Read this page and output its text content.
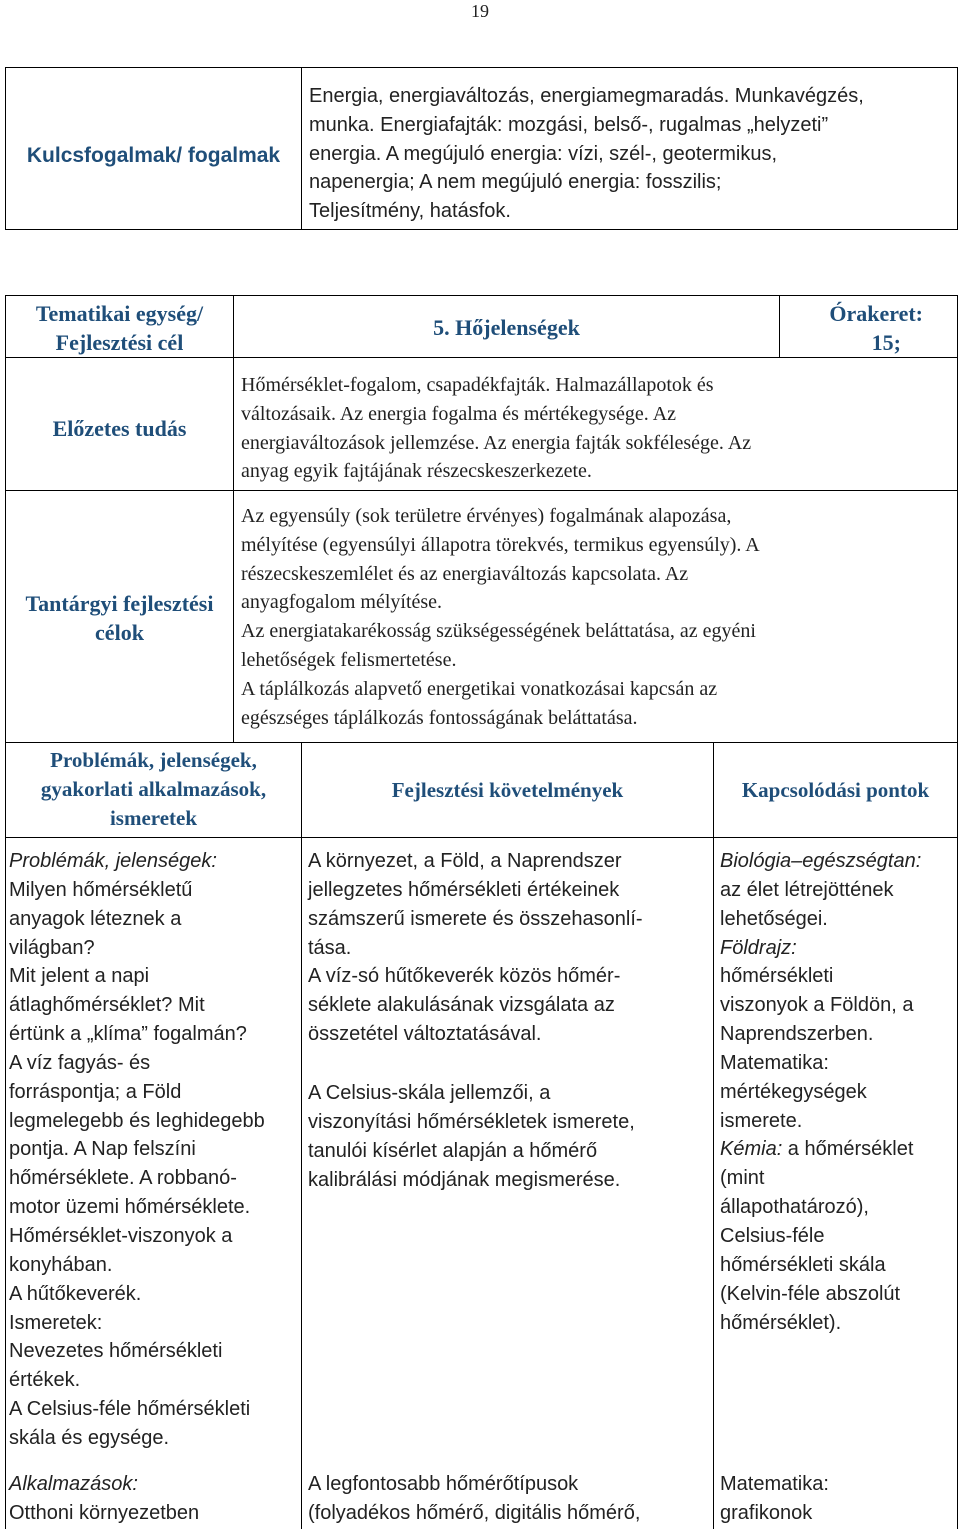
19
Kulcsfogalmak/ fogalmak
Energia, energiaváltozás, energiamegmaradás. Munkavégzés,
munka. Energiafajták: mozgási, belső-, rugalmas „helyzeti”
energia. A megújuló energia: vízi, szél-, geotermikus,
napenergia; A nem megújuló energia: fosszilis;
Teljesítmény, hatásfok.
Tematikai egység/
Fejlesztési cél
5. Hőjelenségek
Órakeret:
15;
Előzetes tudás
Hőmérséklet-fogalom, csapadékfajták. Halmazállapotok és
változásaik. Az energia fogalma és mértékegysége. Az
energiaváltozások jellemzése. Az energia fajták sokfélesége. Az
anyag egyik fajtájának részecskeszerkezete.
Tantárgyi fejlesztési
célok
Az egyensúly (sok területre érvényes) fogalmának alapozása,
mélyítése (egyensúlyi állapotra törekvés, termikus egyensúly). A
részecskeszemlélet és az energiaváltozás kapcsolata. Az
anyagfogalom mélyítése.
Az energiatakarékosság szükségességének beláttatása, az egyéni
lehetőségek felismertetése.
A táplálkozás alapvető energetikai vonatkozásai kapcsán az
egészséges táplálkozás fontosságának beláttatása.
Problémák, jelenségek,
gyakorlati alkalmazások,
ismeretek
Fejlesztési követelmények	Kapcsolódási pontok
Problémák, jelenségek:
Milyen hőmérsékletű
anyagok léteznek a
világban?
Mit jelent a napi
átlaghőmérséklet? Mit
értünk a „klíma” fogalmán?
A víz fagyás- és
forráspontja; a Föld
legmelegebb és leghidegebb
pontja. A Nap felszíni
hőmérséklete. A robbanó-
motor üzemi hőmérséklete.
Hőmérséklet-viszonyok a
konyhában.
A hűtőkeverék.
Ismeretek:
Nevezetes hőmérsékleti
értékek.
A Celsius-féle hőmérsékleti
skála és egysége.
Alkalmazások:
Otthoni környezetben
A környezet, a Föld, a Naprendszer
jellegzetes hőmérsékleti értékeinek
számszerű ismerete és összehasonlí-
tása.
A víz-só hűtőkeverék közös hőmér-
séklete alakulásának vizsgálata az
összetétel változtatásával.
A Celsius-skála jellemzői, a
viszonyítási hőmérsékletek ismerete,
tanulói kísérlet alapján a hőmérő
kalibrálási módjának megismerése.
A legfontosabb hőmérőtípusok
(folyadékos hőmérő, digitális hőmérő,
Biológia–egészségtan:
az élet létrejöttének
lehetőségei.
Földrajz:
hőmérsékleti
viszonyok a Földön, a
Naprendszerben.
Matematika:
mértékegységek
ismerete.
Kémia: a hőmérséklet
(mint
állapothatározó),
Celsius-féle
hőmérsékleti skála
(Kelvin-féle abszolút
hőmérséklet).
Matematika:
grafikonok
